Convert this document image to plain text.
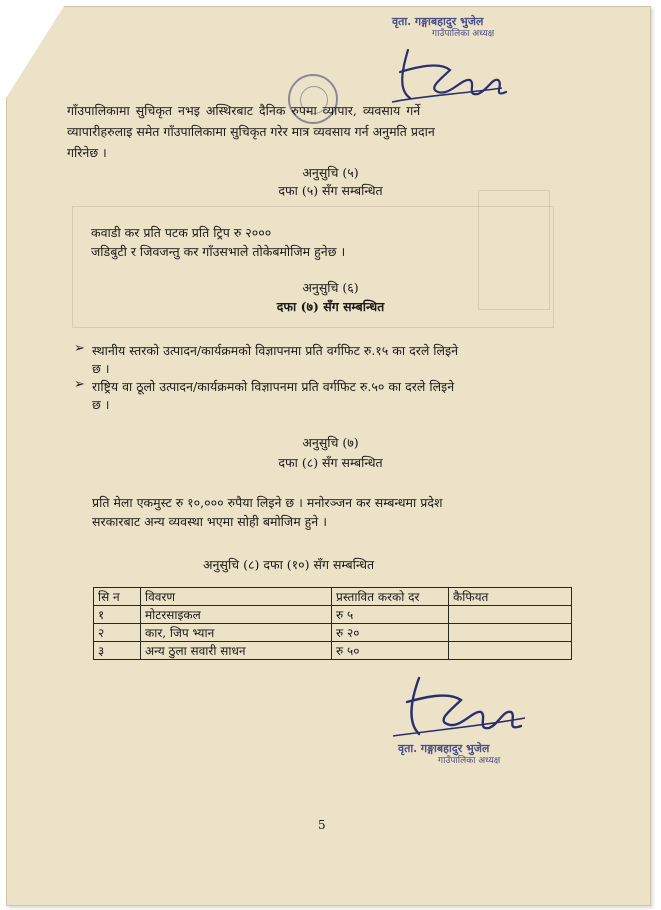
वृता. गङ्गाबहादुर भुजेल
गाउँपालिका अध्यक्ष
गाँउपालिकामा सुचिकृत नभइ अस्थिरबाट दैनिक रुपमा व्यापार, व्यवसाय गर्ने
व्यापारीहरुलाइ समेत गाँउपालिकामा सुचिकृत गरेर मात्र व्यवसाय गर्न अनुमति प्रदान
गरिनेछ ।
अनुसुचि (५)
दफा (५) सँग सम्बन्धित
कवाडी कर प्रति पटक प्रति ट्रिप रु २०००
जडिबुटी र जिवजन्तु कर गाँउसभाले तोकेबमोजिम हुनेछ ।
अनुसुचि (६)
दफा (७) सँग सम्बन्धित
➢ स्थानीय स्तरको उत्पादन/कार्यक्रमको विज्ञापनमा प्रति वर्गफिट रु.१५ का दरले लिइने
छ ।
➢ राष्ट्रिय वा ठूलो उत्पादन/कार्यक्रमको विज्ञापनमा प्रति वर्गफिट रु.५० का दरले लिइने
छ ।
अनुसुचि (७)
दफा (८) सँग सम्बन्धित
प्रति मेला एकमुस्ट रु १०,००० रुपैया लिइने छ । मनोरञ्जन कर सम्बन्धमा प्रदेश
सरकारबाट अन्य व्यवस्था भएमा सोही बमोजिम हुने ।
अनुसुचि (८) दफा (१०) सँग सम्बन्धित
सि न	विवरण	प्रस्तावित करको दर	कैफियत
१	मोटरसाइकल	रु ५	
२	कार, जिप भ्यान	रु २०	
३	अन्य ठुला सवारी साधन	रु ५०	
वृता. गङ्गाबहादुर भुजेल
गाउँपालिका अध्यक्ष
5
